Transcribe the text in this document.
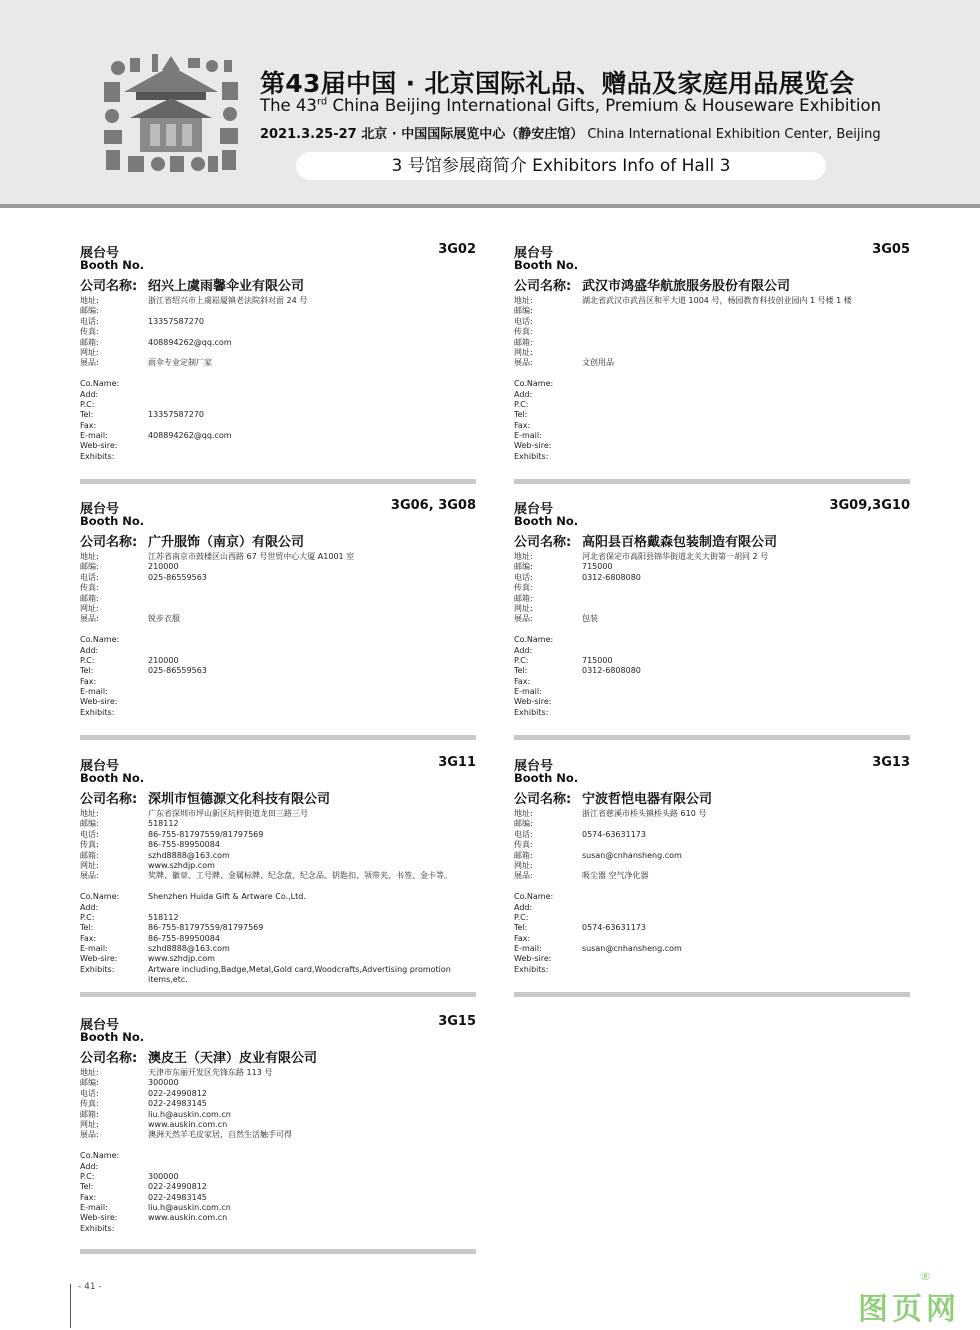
第43届中国 · 北京国际礼品、赠品及家庭用品展览会
The 43rd China Beijing International Gifts, Premium & Houseware Exhibition
2021.3.25-27 北京 · 中国国际展览中心（静安庄馆） China International Exhibition Center, Beijing
3 号馆参展商简介 Exhibitors Info of Hall 3
展台号
Booth No.
3G02
公司名称: 绍兴上虞雨馨伞业有限公司
地址:	浙江省绍兴市上虞崧厦镇老法院斜对面 24 号
邮编:
电话:	13357587270
传真:
邮箱:	408894262@qq.com
网址:
展品:	雨伞专业定制厂家
Co.Name:
Add:
P.C:
Tel:	13357587270
Fax:
E-mail:	408894262@qq.com
Web-sire:
Exhibits:
展台号
Booth No.
3G05
公司名称: 武汉市鸿盛华航旅服务股份有限公司
地址:	湖北省武汉市武昌区和平大道 1004 号，杨园教育科技创业园内 1 号楼 1 楼
邮编:
电话:
传真:
邮箱:
网址:
展品:	文创用品
Co.Name:
Add:
P.C:
Tel:
Fax:
E-mail:
Web-sire:
Exhibits:
展台号
Booth No.
3G06, 3G08
公司名称: 广升服饰（南京）有限公司
地址:	江苏省南京市鼓楼区山西路 67 号世贸中心大厦 A1001 室
邮编:	210000
电话:	025-86559563
传真:
邮箱:
网址:
展品:	锐步衣服
Co.Name:
Add:
P.C:	210000
Tel:	025-86559563
Fax:
E-mail:
Web-sire:
Exhibits:
展台号
Booth No.
3G09,3G10
公司名称: 高阳县百格戴森包装制造有限公司
地址:	河北省保定市高阳县锦华街道北关大街第一胡同 2 号
邮编:	715000
电话:	0312-6808080
传真:
邮箱:
网址:
展品:	包装
Co.Name:
Add:
P.C:	715000
Tel:	0312-6808080
Fax:
E-mail:
Web-sire:
Exhibits:
展台号
Booth No.
3G11
公司名称: 深圳市恒德源文化科技有限公司
地址:	广东省深圳市坪山新区坑梓街道龙田三路三号
邮编:	518112
电话:	86-755-81797559/81797569
传真:	86-755-89950084
邮箱:	szhd8888@163.com
网址:	www.szhdjp.com
展品:	奖牌、徽章、工号牌、金属标牌、纪念盘、纪念品、钥匙扣、领带夹、书签、金卡等。
Co.Name:	Shenzhen Huida Gift & Artware Co.,Ltd.
Add:
P.C:	518112
Tel:	86-755-81797559/81797569
Fax:	86-755-89950084
E-mail:	szhd8888@163.com
Web-sire:	www.szhdjp.com
Exhibits:	Artware including,Badge,Metal,Gold card,Woodcrafts,Advertising promotion items,etc.
展台号
Booth No.
3G13
公司名称: 宁波哲恺电器有限公司
地址:	浙江省慈溪市桥头镇桥头路 610 号
邮编:
电话:	0574-63631173
传真:
邮箱:	susan@cnhansheng.com
网址:
展品:	吸尘器 空气净化器
Co.Name:
Add:
P.C:
Tel:	0574-63631173
Fax:
E-mail:	susan@cnhansheng.com
Web-sire:
Exhibits:
展台号
Booth No.
3G15
公司名称: 澳皮王（天津）皮业有限公司
地址:	天津市东丽开发区先锋东路 113 号
邮编:	300000
电话:	022-24990812
传真:	022-24983145
邮箱:	liu.h@auskin.com.cn
网址:	www.auskin.com.cn
展品:	澳洲天然羊毛皮家居，自然生活触手可得
Co.Name:
Add:
P.C:	300000
Tel:	022-24990812
Fax:	022-24983145
E-mail:	liu.h@auskin.com.cn
Web-sire:	www.auskin.com.cn
Exhibits:
- 41 -
图页网
®
